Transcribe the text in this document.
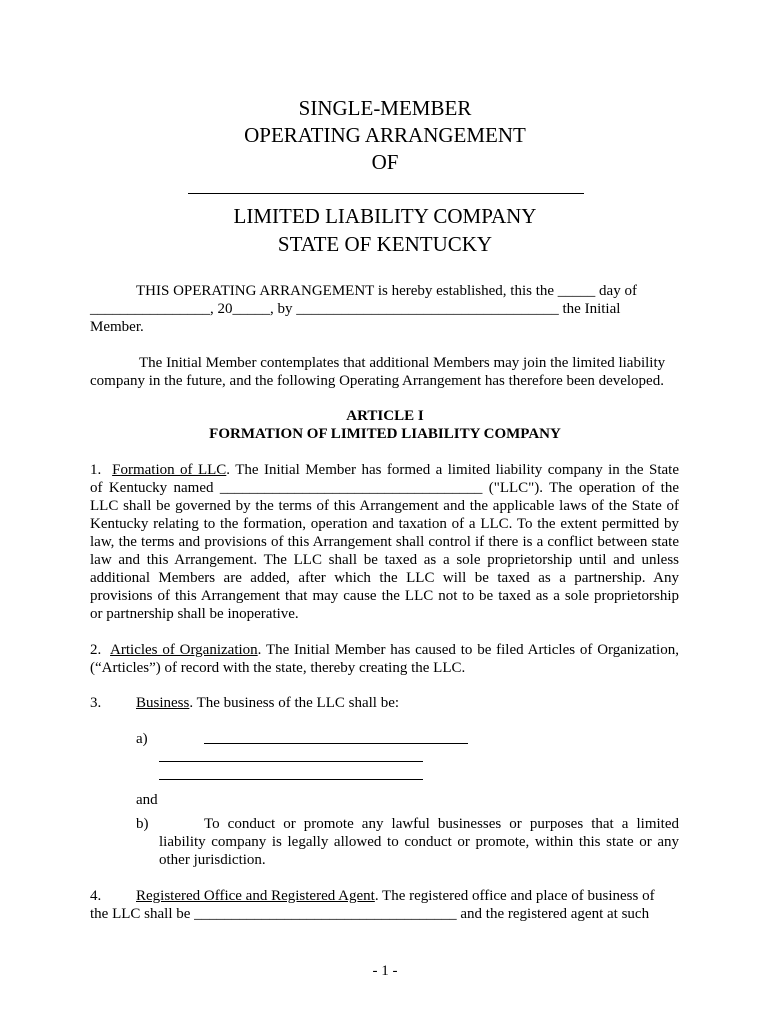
SINGLE-MEMBER
OPERATING ARRANGEMENT
OF
LIMITED LIABILITY COMPANY
STATE OF KENTUCKY
THIS OPERATING ARRANGEMENT is hereby established, this the _____ day of
________________, 20_____, by ___________________________________ the Initial
Member.
The Initial Member contemplates that additional Members may join the limited liability
company in the future, and the following Operating Arrangement has therefore been developed.
ARTICLE I
FORMATION OF LIMITED LIABILITY COMPANY
1. Formation of LLC. The Initial Member has formed a limited liability company in the State
of Kentucky named ___________________________________ ("LLC"). The operation of the
LLC shall be governed by the terms of this Arrangement and the applicable laws of the State of
Kentucky relating to the formation, operation and taxation of a LLC. To the extent permitted by
law, the terms and provisions of this Arrangement shall control if there is a conflict between state
law and this Arrangement. The LLC shall be taxed as a sole proprietorship until and unless
additional Members are added, after which the LLC will be taxed as a partnership. Any
provisions of this Arrangement that may cause the LLC not to be taxed as a sole proprietorship
or partnership shall be inoperative.
2. Articles of Organization. The Initial Member has caused to be filed Articles of Organization,
(“Articles”) of record with the state, thereby creating the LLC.
3. Business. The business of the LLC shall be:
a)
and
b)	To conduct or promote any lawful businesses or purposes that a limited
liability company is legally allowed to conduct or promote, within this state or any
other jurisdiction.
4. Registered Office and Registered Agent. The registered office and place of business of
the LLC shall be ___________________________________ and the registered agent at such
- 1 -
